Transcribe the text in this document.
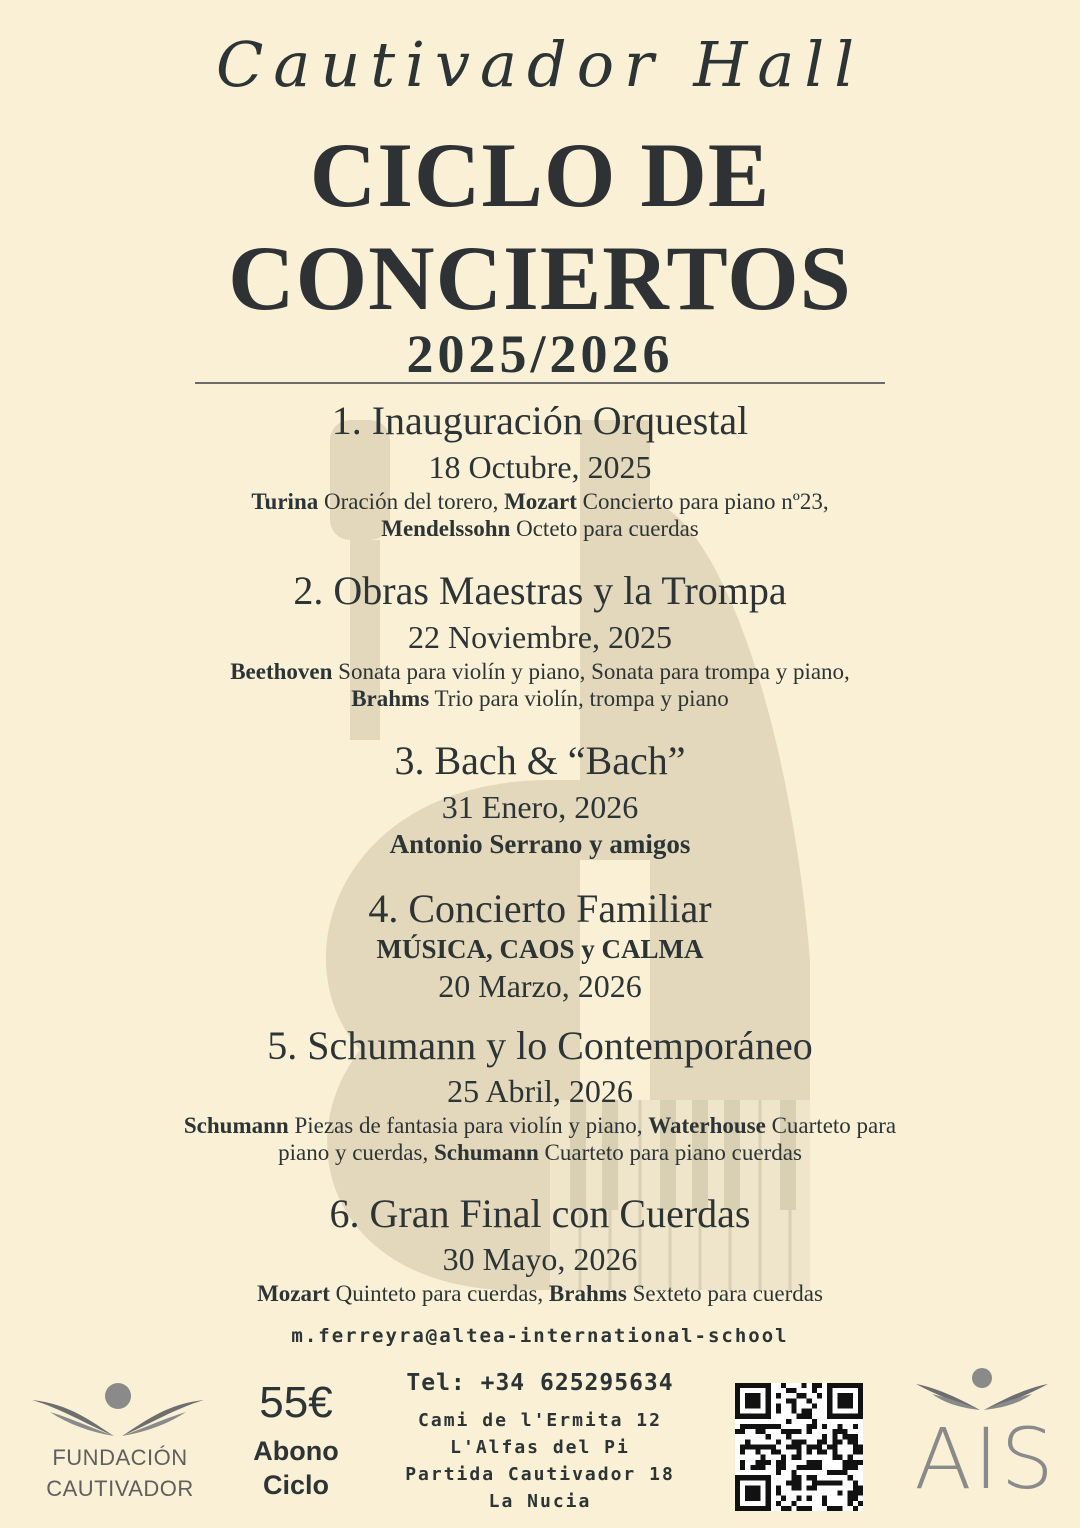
Cautivador Hall
CICLO DE
CONCIERTOS
2025/2026
1. Inauguración Orquestal
18 Octubre, 2025
Turina Oración del torero, Mozart Concierto para piano nº23,
Mendelssohn Octeto para cuerdas
2. Obras Maestras y la Trompa
22 Noviembre, 2025
Beethoven Sonata para violín y piano, Sonata para trompa y piano,
Brahms Trio para violín, trompa y piano
3. Bach & “Bach”
31 Enero, 2026
Antonio Serrano y amigos
4. Concierto Familiar
MÚSICA, CAOS y CALMA
20 Marzo, 2026
5. Schumann y lo Contemporáneo
25 Abril, 2026
Schumann Piezas de fantasia para violín y piano, Waterhouse Cuarteto para
piano y cuerdas, Schumann Cuarteto para piano cuerdas
6. Gran Final con Cuerdas
30 Mayo, 2026
Mozart Quinteto para cuerdas, Brahms Sexteto para cuerdas
m.ferreyra@altea-international-school
FUNDACIÓN
CAUTIVADOR
55€
Abono
Ciclo
Tel: +34 625295634
Cami de l'Ermita 12
L'Alfas del Pi
Partida Cautivador 18
La Nucia	AIS
